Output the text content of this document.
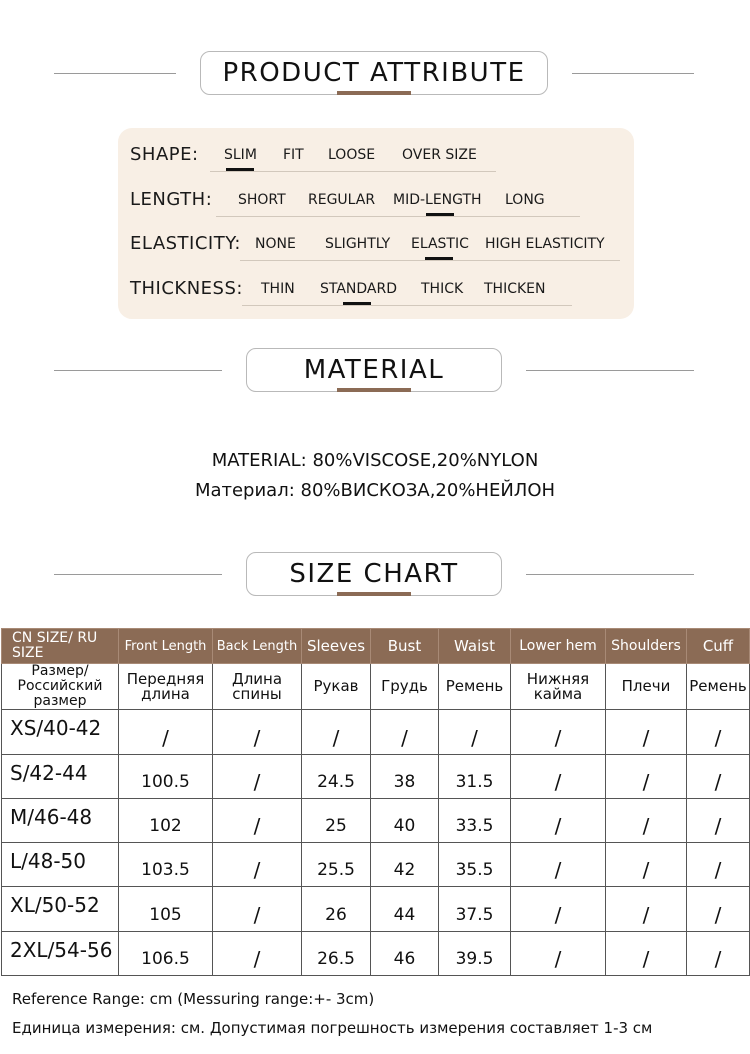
PRODUCT ATTRIBUTE
SHAPE: SLIM FIT LOOSE OVER SIZE
LENGTH: SHORT REGULAR MID-LENGTH LONG
ELASTICITY: NONE SLIGHTLY ELASTIC HIGH ELASTICITY
THICKNESS: THIN STANDARD THICK THICKEN
MATERIAL
MATERIAL: 80%VISCOSE,20%NYLON
Материал: 80%ВИСКОЗА,20%НЕЙЛОН
SIZE CHART
CN SIZE/ RU SIZE	Front Length	Back Length	Sleeves	Bust	Waist	Lower hem	Shoulders	Cuff
Размер/ Российский размер	Передняя длина	Длина спины	Рукав	Грудь	Ремень	Нижняя кайма	Плечи	Ремень
XS/40-42	/	/	/	/	/	/	/	/
S/42-44	100.5	/	24.5	38	31.5	/	/	/
M/46-48	102	/	25	40	33.5	/	/	/
L/48-50	103.5	/	25.5	42	35.5	/	/	/
XL/50-52	105	/	26	44	37.5	/	/	/
2XL/54-56	106.5	/	26.5	46	39.5	/	/	/
Reference Range: cm (Messuring range:+- 3cm)
Единица измерения: см. Допустимая погрешность измерения составляет 1-3 см
